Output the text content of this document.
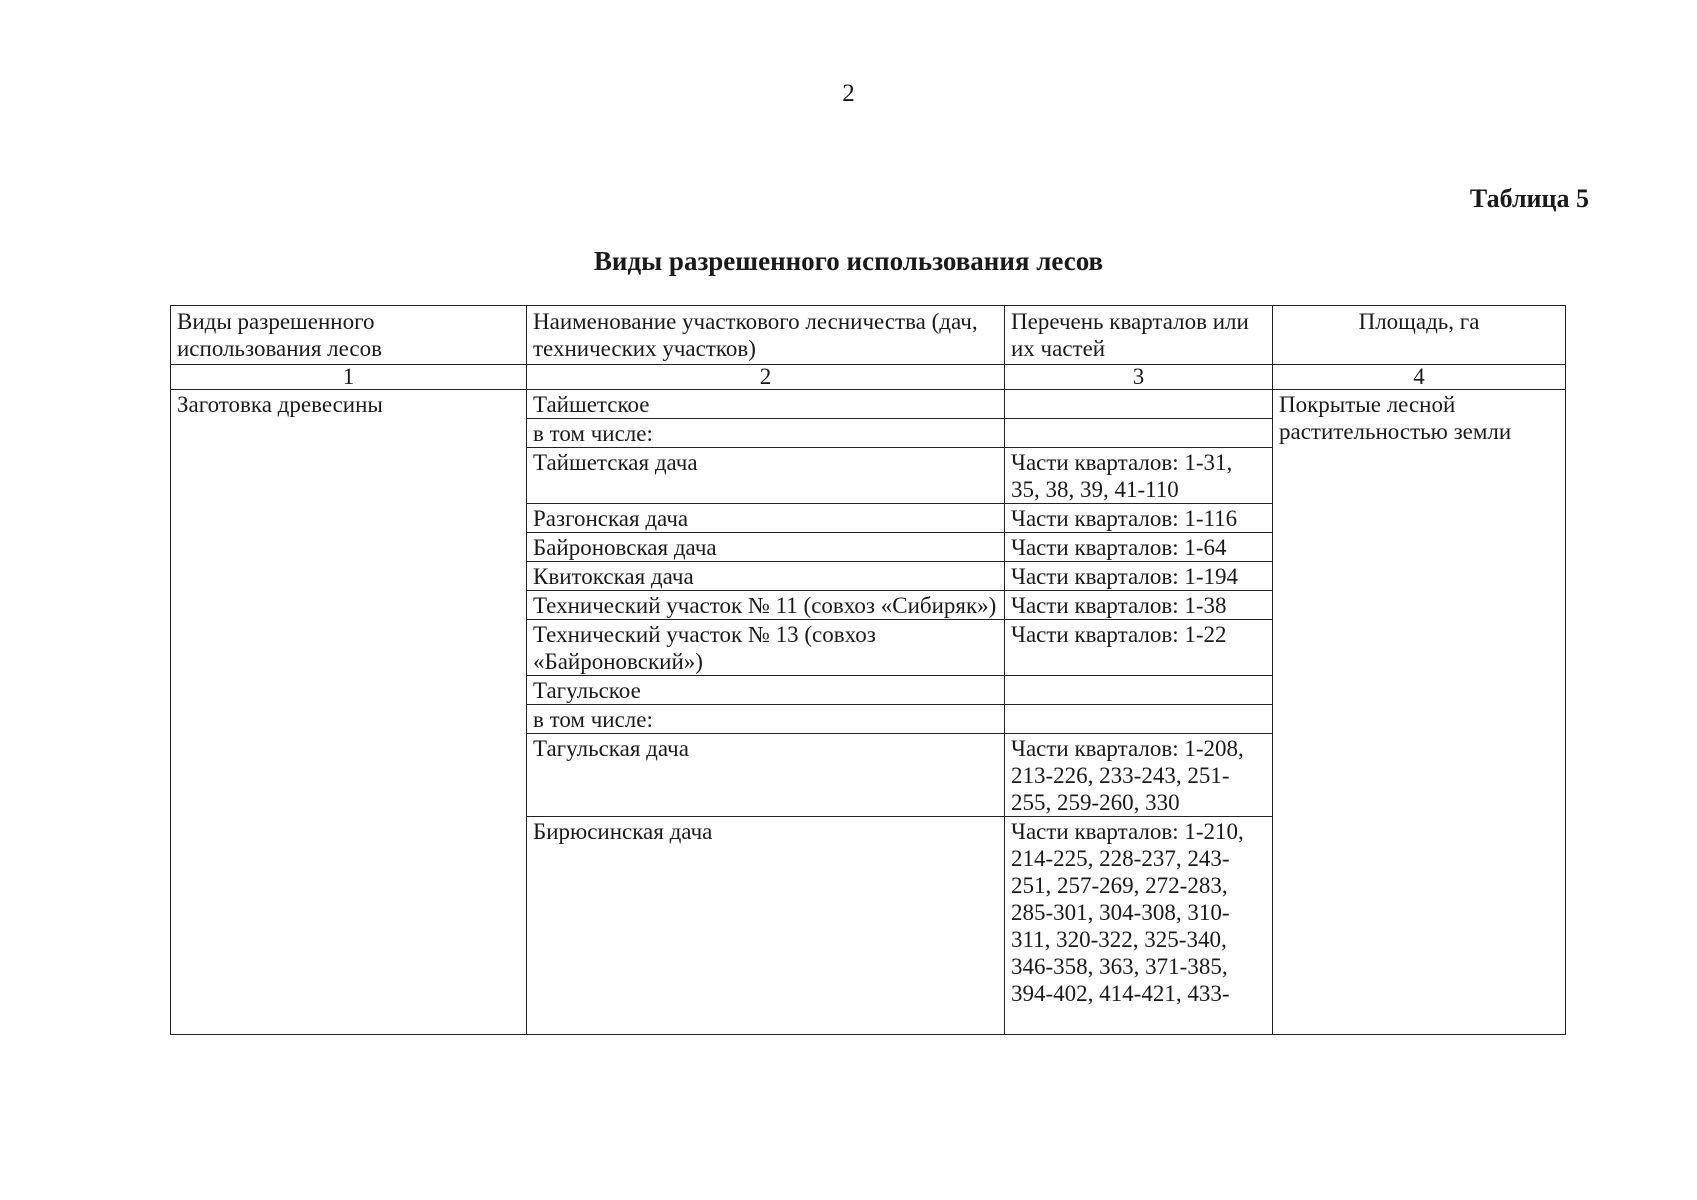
2
Таблица 5
Виды разрешенного использования лесов
Виды разрешенного использования лесов	Наименование участкового лесничества (дач, технических участков)	Перечень кварталов или их частей	Площадь, га
1	2	3	4
Заготовка древесины	Тайшетское		Покрытые лесной растительностью земли
	в том числе:		
	Тайшетская дача	Части кварталов: 1-31, 35, 38, 39, 41-110	
	Разгонская дача	Части кварталов: 1-116	
	Байроновская дача	Части кварталов: 1-64	
	Квитокская дача	Части кварталов: 1-194	
	Технический участок № 11 (совхоз «Сибиряк»)	Части кварталов: 1-38	
	Технический участок № 13 (совхоз «Байроновский»)	Части кварталов: 1-22	
	Тагульское		
	в том числе:		
	Тагульская дача	Части кварталов: 1-208, 213-226, 233-243, 251-255, 259-260, 330	
	Бирюсинская дача	Части кварталов: 1-210, 214-225, 228-237, 243-251, 257-269, 272-283, 285-301, 304-308, 310-311, 320-322, 325-340, 346-358, 363, 371-385, 394-402, 414-421, 433-	
